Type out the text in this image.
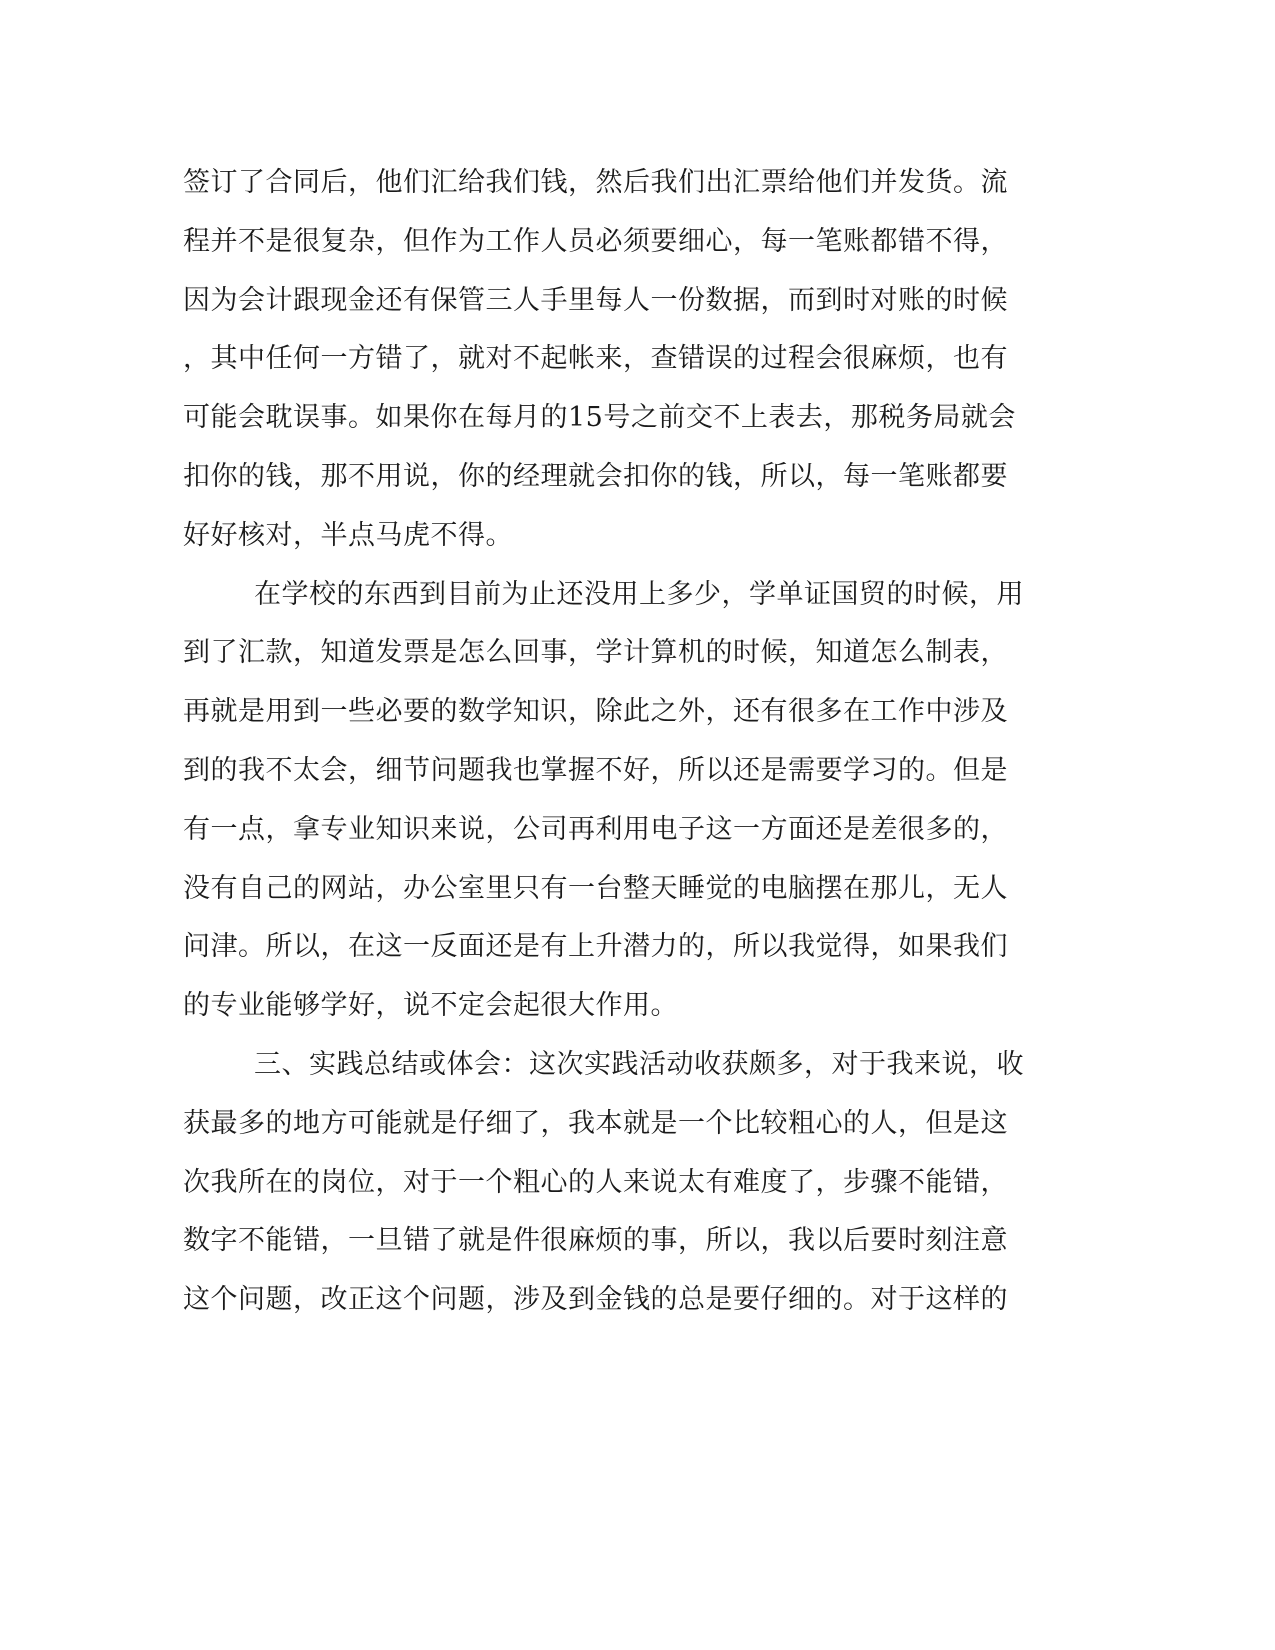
签订了合同后，他们汇给我们钱，然后我们出汇票给他们并发货。流
程并不是很复杂，但作为工作人员必须要细心，每一笔账都错不得，
因为会计跟现金还有保管三人手里每人一份数据，而到时对账的时候
，其中任何一方错了，就对不起帐来，查错误的过程会很麻烦，也有
可能会耽误事。如果你在每月的15号之前交不上表去，那税务局就会
扣你的钱，那不用说，你的经理就会扣你的钱，所以，每一笔账都要
好好核对，半点马虎不得。
在学校的东西到目前为止还没用上多少，学单证国贸的时候，用
到了汇款，知道发票是怎么回事，学计算机的时候，知道怎么制表，
再就是用到一些必要的数学知识，除此之外，还有很多在工作中涉及
到的我不太会，细节问题我也掌握不好，所以还是需要学习的。但是
有一点，拿专业知识来说，公司再利用电子这一方面还是差很多的，
没有自己的网站，办公室里只有一台整天睡觉的电脑摆在那儿，无人
问津。所以，在这一反面还是有上升潜力的，所以我觉得，如果我们
的专业能够学好，说不定会起很大作用。
三、实践总结或体会：这次实践活动收获颇多，对于我来说，收
获最多的地方可能就是仔细了，我本就是一个比较粗心的人，但是这
次我所在的岗位，对于一个粗心的人来说太有难度了，步骤不能错，
数字不能错，一旦错了就是件很麻烦的事，所以，我以后要时刻注意
这个问题，改正这个问题，涉及到金钱的总是要仔细的。对于这样的
